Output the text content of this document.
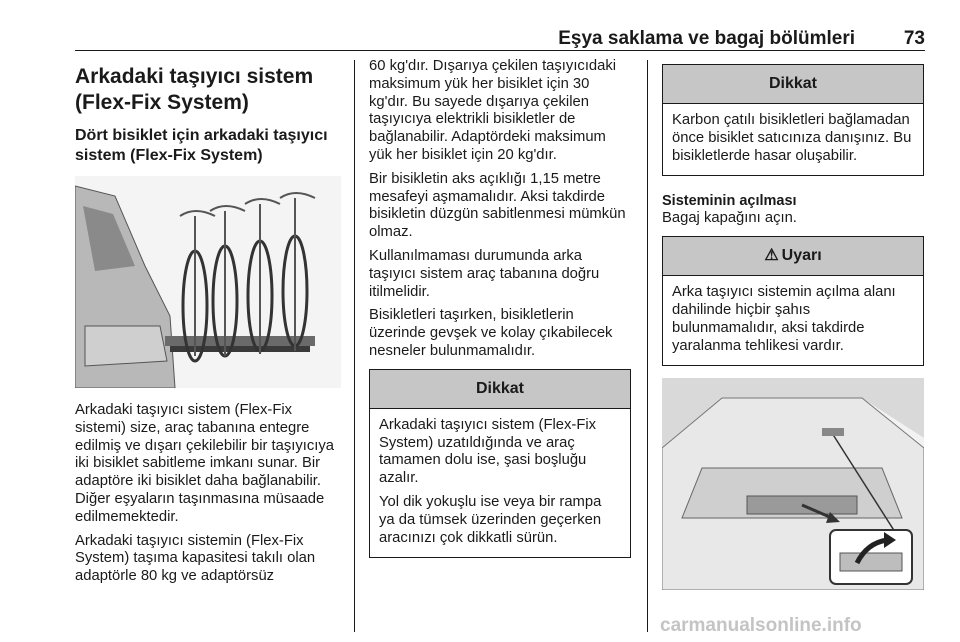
Eşya saklama ve bagaj bölümleri	73
Arkadaki taşıyıcı sistem (Flex-Fix System)
Dört bisiklet için arkadaki taşıyıcı sistem (Flex-Fix System)

Arkadaki taşıyıcı sistem (Flex-Fix sistemi) size, araç tabanına entegre edilmiş ve dışarı çekilebilir bir taşıyıcıya iki bisiklet sabitleme imkanı sunar. Bir adaptöre iki bisiklet daha bağlanabilir. Diğer eşyaların taşınmasına müsaade edilmemektedir.

Arkadaki taşıyıcı sistemin (Flex-Fix System) taşıma kapasitesi takılı olan adaptörle 80 kg ve adaptörsüz

60 kg'dır. Dışarıya çekilen taşıyıcıdaki maksimum yük her bisiklet için 30 kg'dır. Bu sayede dışarıya çekilen taşıyıcıya elektrikli bisikletler de bağlanabilir. Adaptördeki maksimum yük her bisiklet için 20 kg'dır.

Bir bisikletin aks açıklığı 1,15 metre mesafeyi aşmamalıdır. Aksi takdirde bisikletin düzgün sabitlenmesi mümkün olmaz.

Kullanılmaması durumunda arka taşıyıcı sistem araç tabanına doğru itilmelidir.

Bisikletleri taşırken, bisikletlerin üzerinde gevşek ve kolay çıkabilecek nesneler bulunmamalıdır.

Dikkat

Arkadaki taşıyıcı sistem (Flex-Fix System) uzatıldığında ve araç tamamen dolu ise, şasi boşluğu azalır.

Yol dik yokuşlu ise veya bir rampa ya da tümsek üzerinden geçerken aracınızı çok dikkatli sürün.

Dikkat

Karbon çatılı bisikletleri bağlamadan önce bisiklet satıcınıza danışınız. Bu bisikletlerde hasar oluşabilir.

Sisteminin açılması

Bagaj kapağını açın.

⚠ Uyarı

Arka taşıyıcı sistemin açılma alanı dahilinde hiçbir şahıs bulunmamalıdır, aksi takdirde yaralanma tehlikesi vardır.

carmanualsonline.info
